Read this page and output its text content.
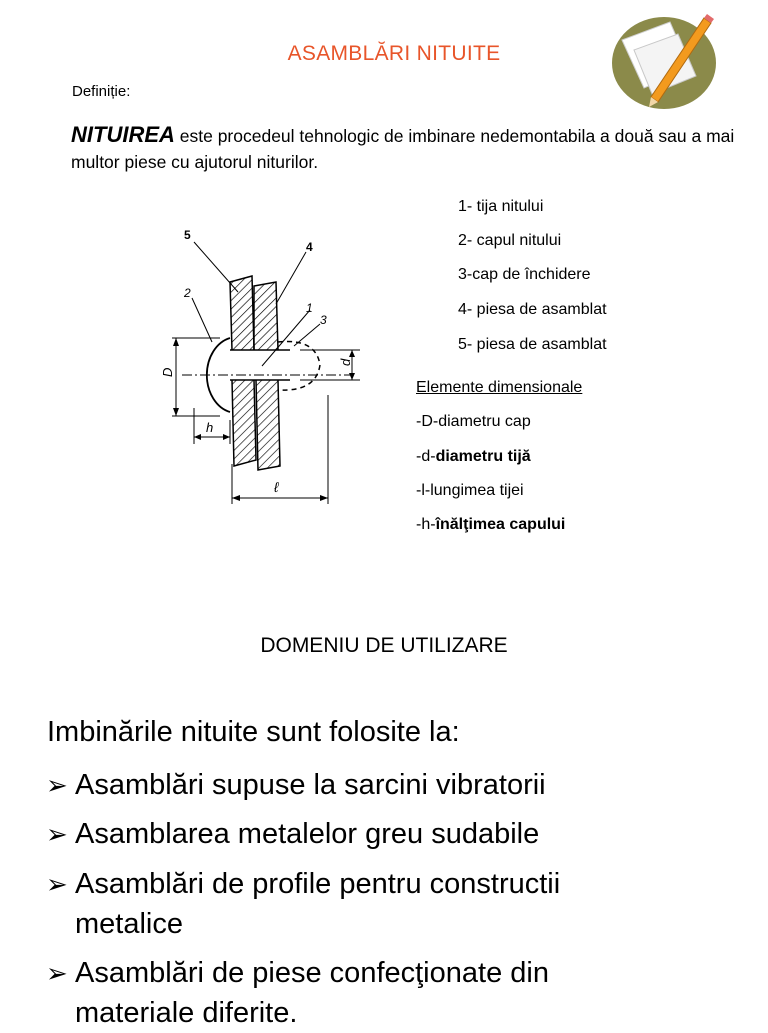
ASAMBLĂRI NITUITE
Definiție:
NITUIREA este procedeul tehnologic de imbinare nedemontabila a două sau a mai multor piese cu ajutorul niturilor.
5
4
2
1
3
D
d
h
ℓ
1- tija nitului
2- capul nitului
3-cap de închidere
4- piesa de asamblat
5- piesa de asamblat
Elemente dimensionale
-D-diametru cap
-d-diametru tijă
-l-lungimea tijei
-h-înălţimea capului
DOMENIU DE UTILIZARE
Imbinările nituite sunt folosite la:
➢ Asamblări supuse la sarcini vibratorii
➢ Asamblarea metalelor greu sudabile
➢ Asamblări de profile pentru constructii
metalice
➢ Asamblări de piese confecţionate din
materiale diferite.
